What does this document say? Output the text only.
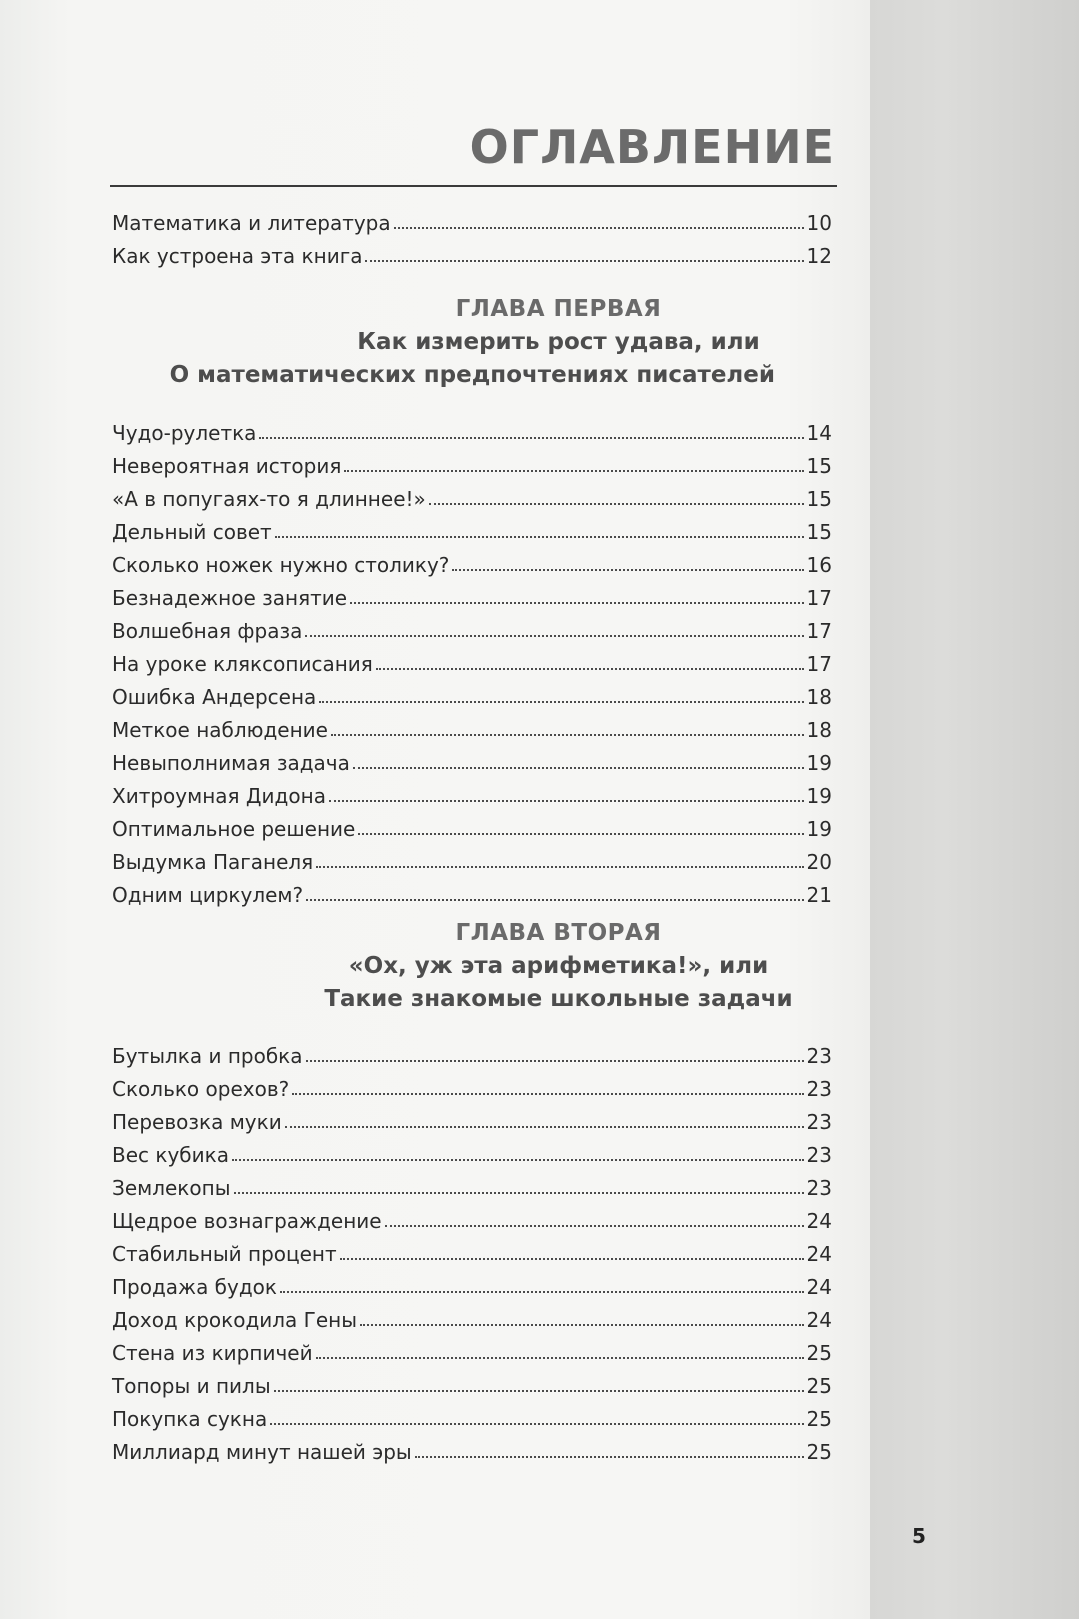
ОГЛАВЛЕНИЕ
Математика и литература	10
Как устроена эта книга	12
ГЛАВА ПЕРВАЯ
Как измерить рост удава, или
О математических предпочтениях писателей
Чудо-рулетка	14
Невероятная история	15
«А в попугаях-то я длиннее!»	15
Дельный совет	15
Сколько ножек нужно столику?	16
Безнадежное занятие	17
Волшебная фраза	17
На уроке кляксописания	17
Ошибка Андерсена	18
Меткое наблюдение	18
Невыполнимая задача	19
Хитроумная Дидона	19
Оптимальное решение	19
Выдумка Паганеля	20
Одним циркулем?	21
ГЛАВА ВТОРАЯ
«Ох, уж эта арифметика!», или
Такие знакомые школьные задачи
Бутылка и пробка	23
Сколько орехов?	23
Перевозка муки	23
Вес кубика	23
Землекопы	23
Щедрое вознаграждение	24
Стабильный процент	24
Продажа будок	24
Доход крокодила Гены	24
Стена из кирпичей	25
Топоры и пилы	25
Покупка сукна	25
Миллиард минут нашей эры	25
5
